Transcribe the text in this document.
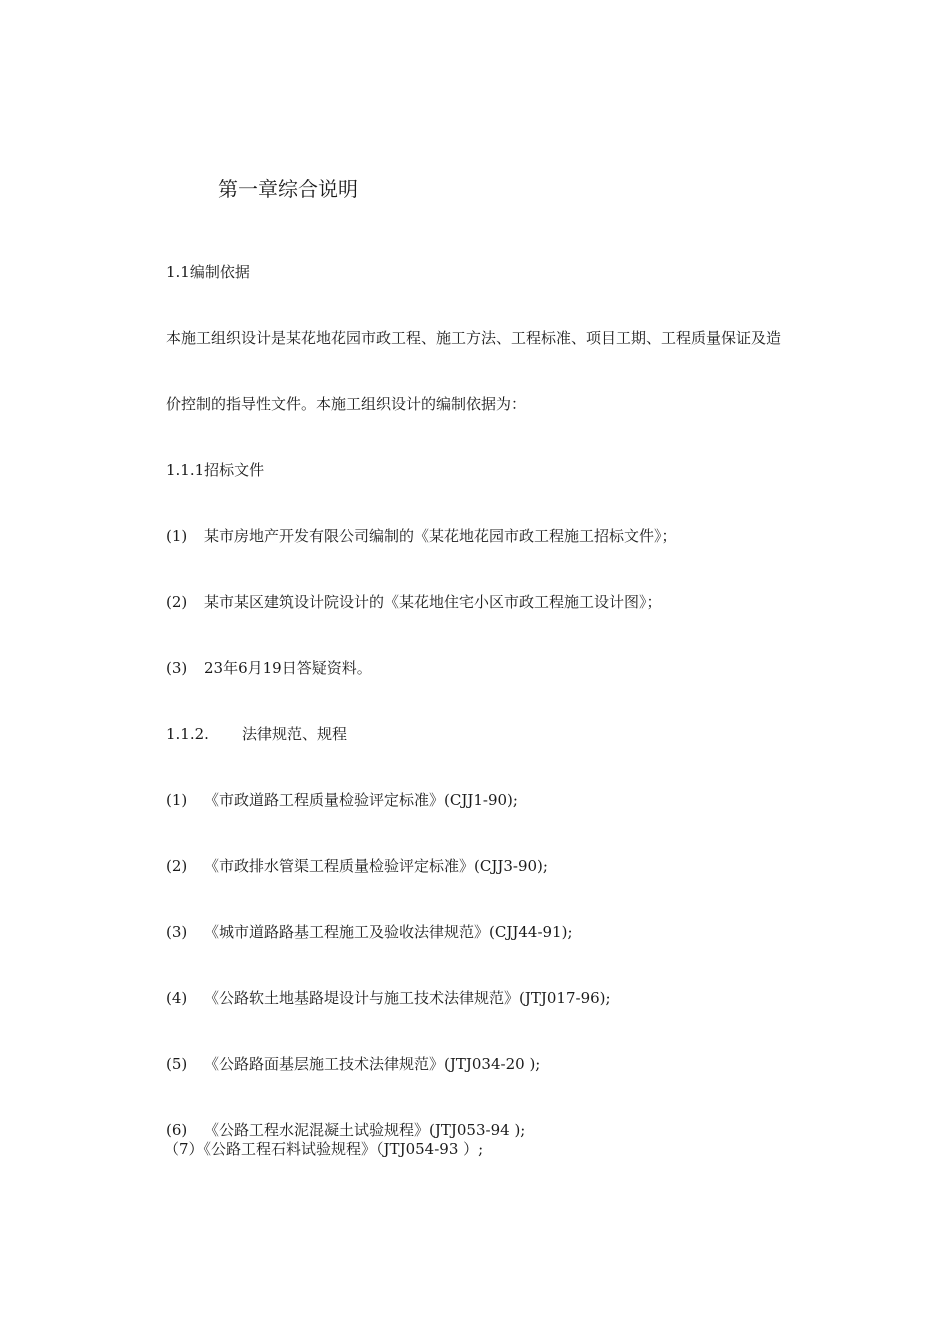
第一章综合说明
1.1编制依据
本施工组织设计是某花地花园市政工程、施工方法、工程标准、项目工期、工程质量保证及造
价控制的指导性文件。本施工组织设计的编制依据为：
1.1.1招标文件
(1) 某市房地产开发有限公司编制的《某花地花园市政工程施工招标文件》；
(2) 某市某区建筑设计院设计的《某花地住宅小区市政工程施工设计图》；
(3) 23年6月19日答疑资料。
1.1.2. 法律规范、规程
(1) 《市政道路工程质量检验评定标准》(CJJ1-90);
(2) 《市政排水管渠工程质量检验评定标准》(CJJ3-90);
(3) 《城市道路路基工程施工及验收法律规范》(CJJ44-91);
(4) 《公路软土地基路堤设计与施工技术法律规范》(JTJ017-96);
(5) 《公路路面基层施工技术法律规范》(JTJ034-20 );
(6) 《公路工程水泥混凝土试验规程》(JTJ053-94 );
（7）《公路工程石料试验规程》（JTJ054-93 ）;
